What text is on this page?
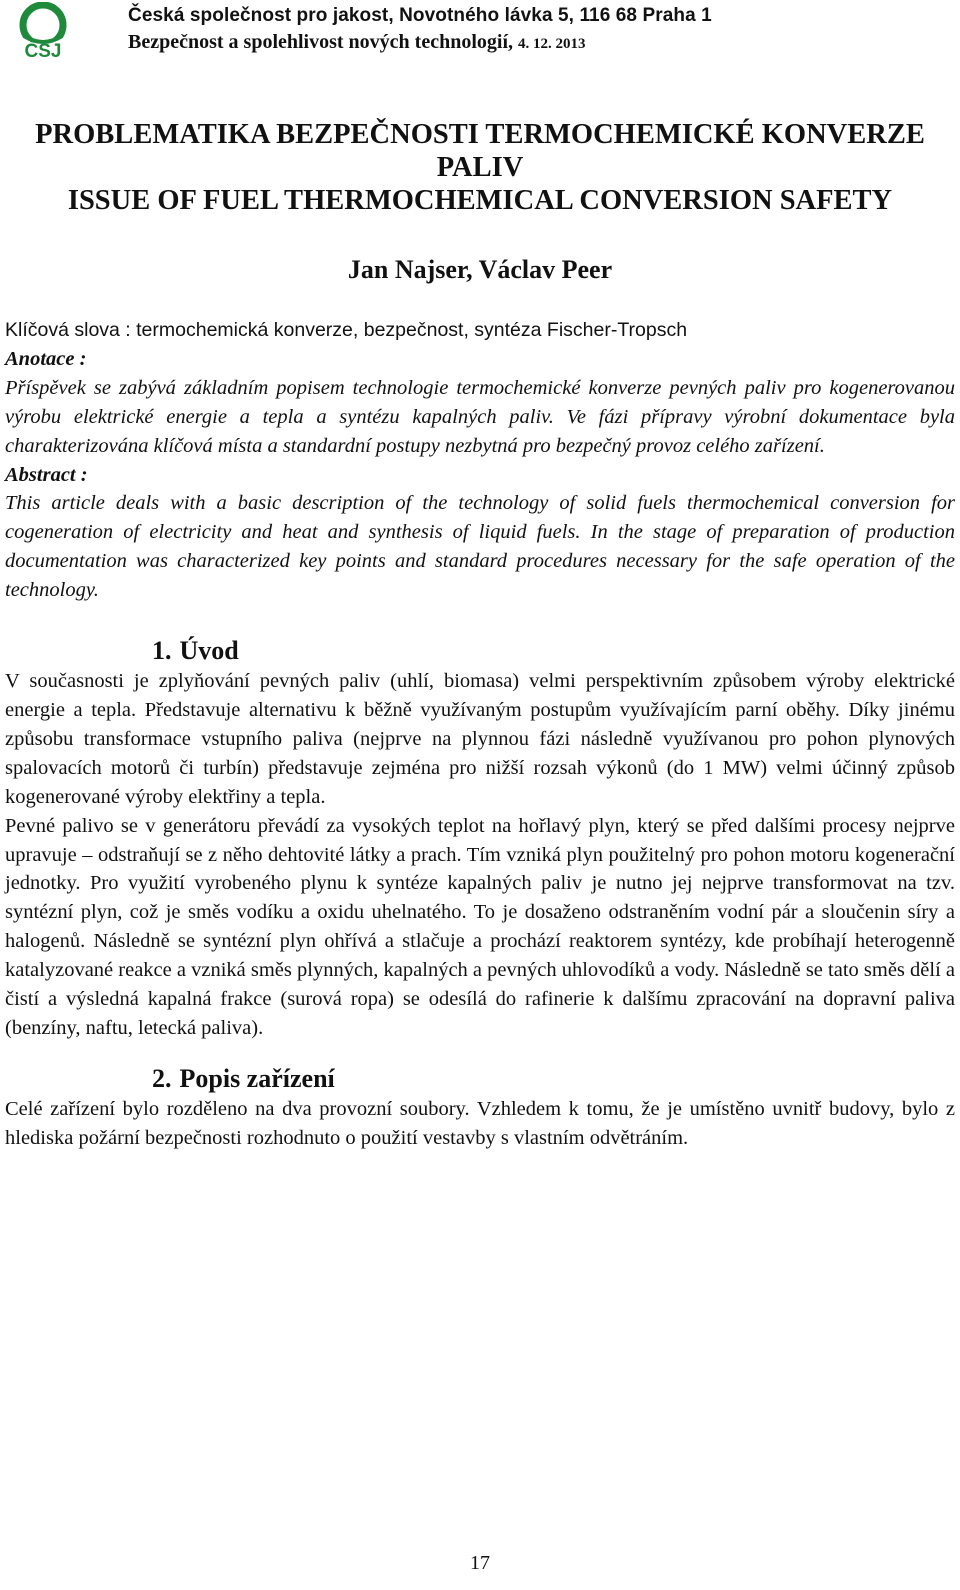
ČSJ
Česká společnost pro jakost, Novotného lávka 5, 116 68 Praha 1
Bezpečnost a spolehlivost nových technologií, 4. 12. 2013
PROBLEMATIKA BEZPEČNOSTI TERMOCHEMICKÉ KONVERZE
PALIV
ISSUE OF FUEL THERMOCHEMICAL CONVERSION SAFETY
Jan Najser, Václav Peer
Klíčová slova : termochemická konverze, bezpečnost, syntéza Fischer-Tropsch
Anotace :
Příspěvek se zabývá základním popisem technologie termochemické konverze pevných paliv pro kogenerovanou výrobu elektrické energie a tepla a syntézu kapalných paliv. Ve fázi přípravy výrobní dokumentace byla charakterizována klíčová místa a standardní postupy nezbytná pro bezpečný provoz celého zařízení.
Abstract :
This article deals with a basic description of the technology of solid fuels thermochemical conversion for cogeneration of electricity and heat and synthesis of liquid fuels. In the stage of preparation of production documentation was characterized key points and standard procedures necessary for the safe operation of the technology.
1. Úvod
V současnosti je zplyňování pevných paliv (uhlí, biomasa) velmi perspektivním způsobem výroby elektrické energie a tepla. Představuje alternativu k běžně využívaným postupům využívajícím parní oběhy. Díky jinému způsobu transformace vstupního paliva (nejprve na plynnou fázi následně využívanou pro pohon plynových spalovacích motorů či turbín) představuje zejména pro nižší rozsah výkonů (do 1 MW) velmi účinný způsob kogenerované výroby elektřiny a tepla.
Pevné palivo se v generátoru převádí za vysokých teplot na hořlavý plyn, který se před dalšími procesy nejprve upravuje – odstraňují se z něho dehtovité látky a prach. Tím vzniká plyn použitelný pro pohon motoru kogenerační jednotky. Pro využití vyrobeného plynu k syntéze kapalných paliv je nutno jej nejprve transformovat na tzv. syntézní plyn, což je směs vodíku a oxidu uhelnatého. To je dosaženo odstraněním vodní pár a sloučenin síry a halogenů. Následně se syntézní plyn ohřívá a stlačuje a prochází reaktorem syntézy, kde probíhají heterogenně katalyzované reakce a vzniká směs plynných, kapalných a pevných uhlovodíků a vody. Následně se tato směs dělí a čistí a výsledná kapalná frakce (surová ropa) se odesílá do rafinerie k dalšímu zpracování na dopravní paliva (benzíny, naftu, letecká paliva).
2. Popis zařízení
Celé zařízení bylo rozděleno na dva provozní soubory. Vzhledem k tomu, že je umístěno uvnitř budovy, bylo z hlediska požární bezpečnosti rozhodnuto o použití vestavby s vlastním odvětráním.
17
